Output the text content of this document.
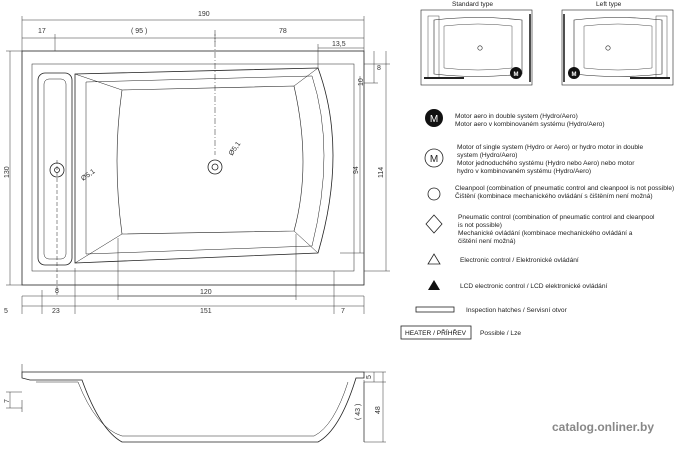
190
17	( 95 )	78
13,5
8
10
130	114
94
Ø5,1
Ø5,1
8
23	7
5
120
151
7
5
( 43 ) 48
Standard type
M
Left type
M
M	Motor aero in double system (Hydro/Aero)
Motor aero v kombinovaném systému (Hydro/Aero)
M
Motor of single system (Hydro or Aero) or hydro motor in double
system (Hydro/Aero)
Motor jednoduchého systému (Hydro nebo Aero) nebo motor
hydro v kombinovaném systému (Hydro/Aero)
Cleanpool (combination of pneumatic control and cleanpool is not possible)
Čištění (kombinace mechanického ovládání s čištěním není možná)
Pneumatic control (combination of pneumatic control and cleanpool
is not possible)
Mechanické ovládání (kombinace mechanického ovládání a
čištění není možná)
Electronic control / Elektronické ovládání
LCD electronic control / LCD elektronické ovládání
Inspection hatches / Servisní otvor
HEATER / PŘÍHŘEV Possible / Lze
catalog.onliner.by
